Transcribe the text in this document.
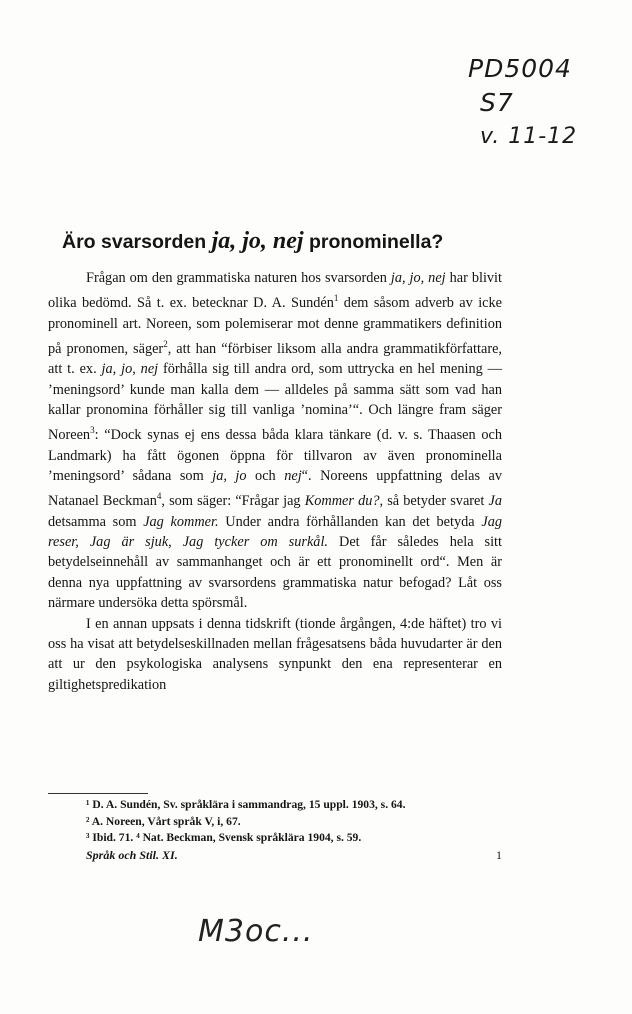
PD5004
S7
v. 11-12
Äro svarsorden ja, jo, nej pronominella?

Frågan om den grammatiska naturen hos svarsorden ja, jo, nej har blivit olika bedömd. Så t. ex. betecknar D. A. Sundén$^1$ dem såsom adverb av icke pronominell art. Noreen, som polemiserar mot denne grammatikers definition på pronomen, säger$^2$, att han “förbiser liksom alla andra grammatikförfattare, att t. ex. ja, jo, nej förhålla sig till andra ord, som uttrycka en hel mening — ’meningsord’ kunde man kalla dem — alldeles på samma sätt som vad han kallar pronomina förhåller sig till vanliga ’nomina’“. Och längre fram säger Noreen$^3$: “Dock synas ej ens dessa båda klara tänkare (d. v. s. Thaasen och Landmark) ha fått ögonen öppna för tillvaron av även pronominella ’meningsord’ sådana som ja, jo och nej“. Noreens uppfattning delas av Natanael Beckman$^4$, som säger: “Frågar jag Kommer du?, så betyder svaret Ja detsamma som Jag kommer. Under andra förhållanden kan det betyda Jag reser, Jag är sjuk, Jag tycker om surkål. Det får således hela sitt betydelseinnehåll av sammanhanget och är ett pronominellt ord“. Men är denna nya uppfattning av svarsordens grammatiska natur befogad? Låt oss närmare undersöka detta spörsmål.

I en annan uppsats i denna tidskrift (tionde årgången, 4:de häftet) tro vi oss ha visat att betydelseskillnaden mellan frågesatsens båda huvudarter är den att ur den psykologiska analysens synpunkt den ena representerar en giltighetspredikation

¹ D. A. Sundén, Sv. språklära i sammandrag, 15 uppl. 1903, s. 64.
² A. Noreen, Vårt språk V, i, 67.
³ Ibid. 71. ⁴ Nat. Beckman, Svensk språklära 1904, s. 59.
Språk och Stil. XI.	1
M3oc...
